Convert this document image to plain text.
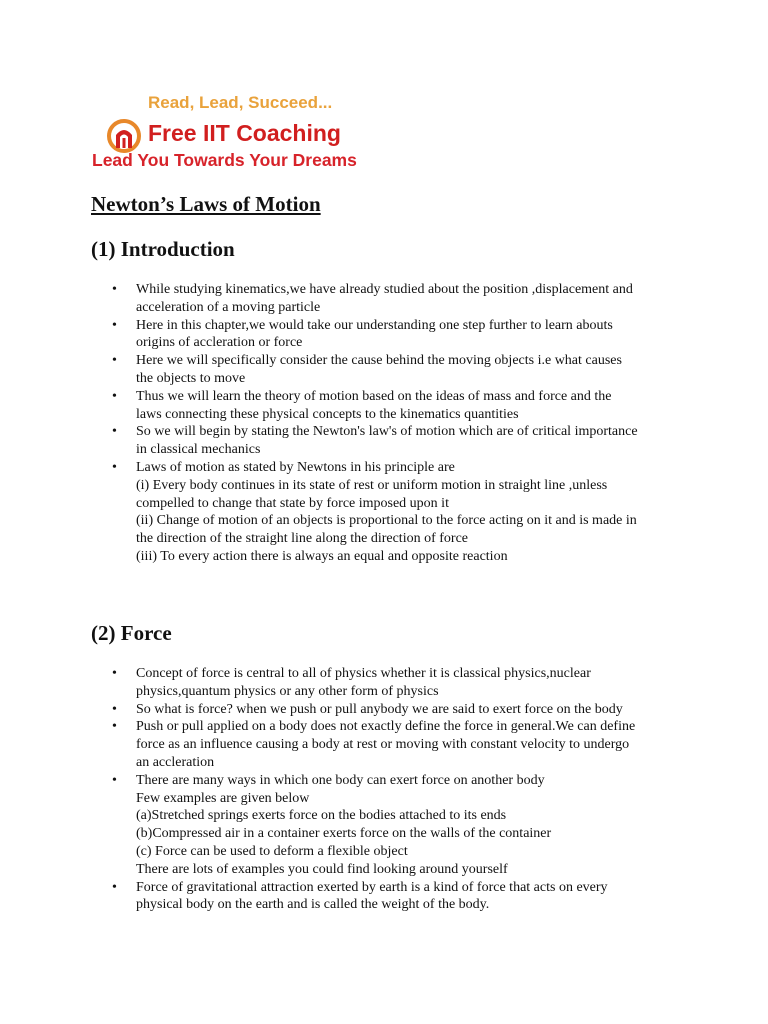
Read, Lead, Succeed...
Free IIT Coaching
Lead You Towards Your Dreams
Newton’s Laws of Motion
(1) Introduction
• While studying kinematics,we have already studied about the position ,displacement and
acceleration of a moving particle
• Here in this chapter,we would take our understanding one step further to learn abouts
origins of accleration or force
• Here we will specifically consider the cause behind the moving objects i.e what causes
the objects to move
• Thus we will learn the theory of motion based on the ideas of mass and force and the
laws connecting these physical concepts to the kinematics quantities
• So we will begin by stating the Newton's law's of motion which are of critical importance
in classical mechanics
• Laws of motion as stated by Newtons in his principle are
(i) Every body continues in its state of rest or uniform motion in straight line ,unless
compelled to change that state by force imposed upon it
(ii) Change of motion of an objects is proportional to the force acting on it and is made in
the direction of the straight line along the direction of force
(iii) To every action there is always an equal and opposite reaction
(2) Force
• Concept of force is central to all of physics whether it is classical physics,nuclear
physics,quantum physics or any other form of physics
• So what is force? when we push or pull anybody we are said to exert force on the body
• Push or pull applied on a body does not exactly define the force in general.We can define
force as an influence causing a body at rest or moving with constant velocity to undergo
an accleration
• There are many ways in which one body can exert force on another body
Few examples are given below
(a)Stretched springs exerts force on the bodies attached to its ends
(b)Compressed air in a container exerts force on the walls of the container
(c) Force can be used to deform a flexible object
There are lots of examples you could find looking around yourself
• Force of gravitational attraction exerted by earth is a kind of force that acts on every
physical body on the earth and is called the weight of the body.
